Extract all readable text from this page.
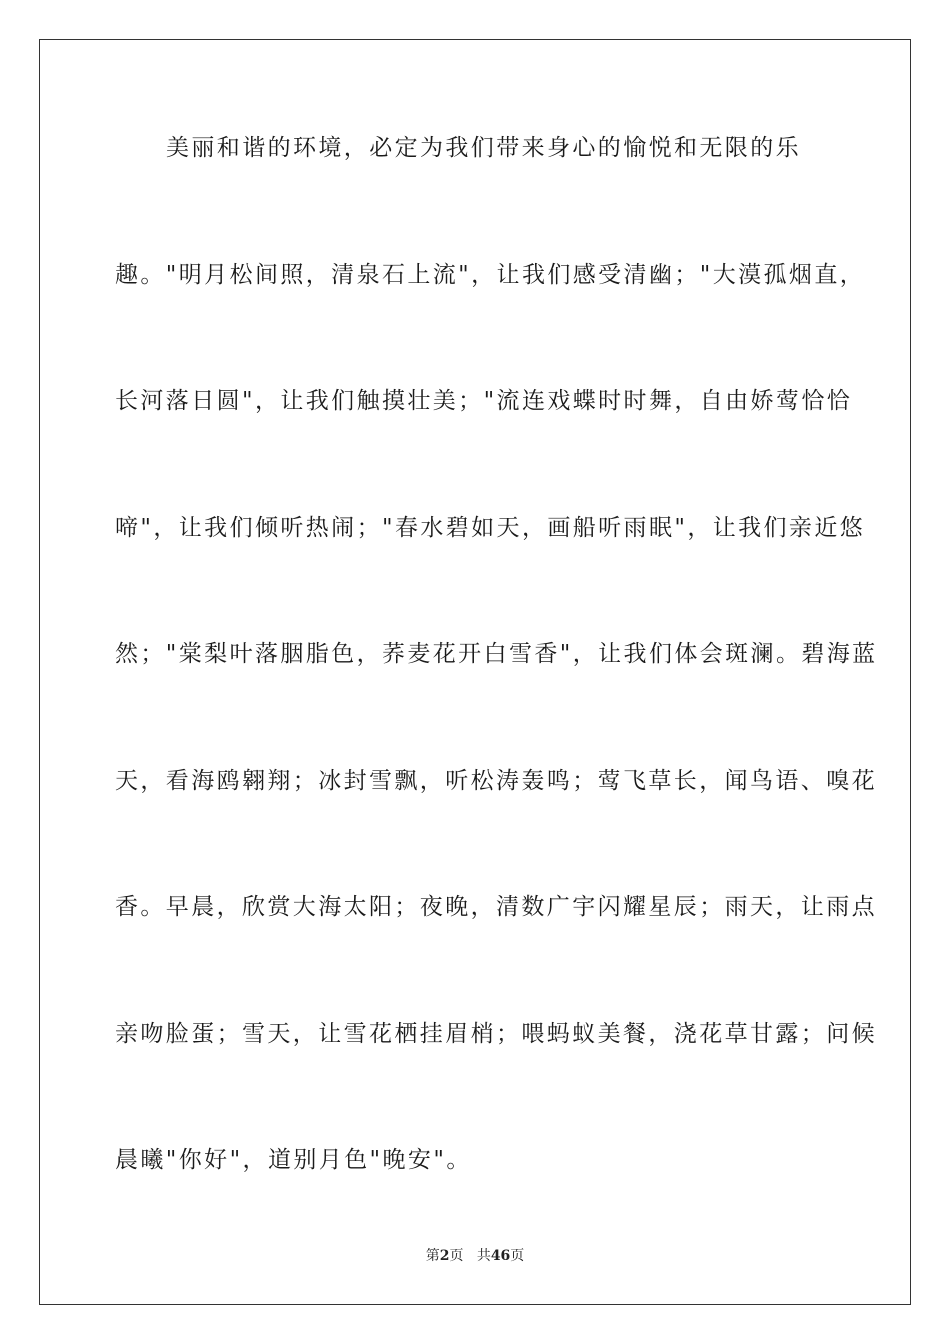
美丽和谐的环境，必定为我们带来身心的愉悦和无限的乐
趣。"明月松间照，清泉石上流"，让我们感受清幽；"大漠孤烟直，
长河落日圆"，让我们触摸壮美；"流连戏蝶时时舞，自由娇莺恰恰
啼"，让我们倾听热闹；"春水碧如天，画船听雨眠"，让我们亲近悠
然；"棠梨叶落胭脂色，荞麦花开白雪香"，让我们体会斑澜。碧海蓝
天，看海鸥翱翔；冰封雪飘，听松涛轰鸣；莺飞草长，闻鸟语、嗅花
香。早晨，欣赏大海太阳；夜晚，清数广宇闪耀星辰；雨天，让雨点
亲吻脸蛋；雪天，让雪花栖挂眉梢；喂蚂蚁美餐，浇花草甘露；问候
晨曦"你好"，道别月色"晚安"。
第2页 共46页
